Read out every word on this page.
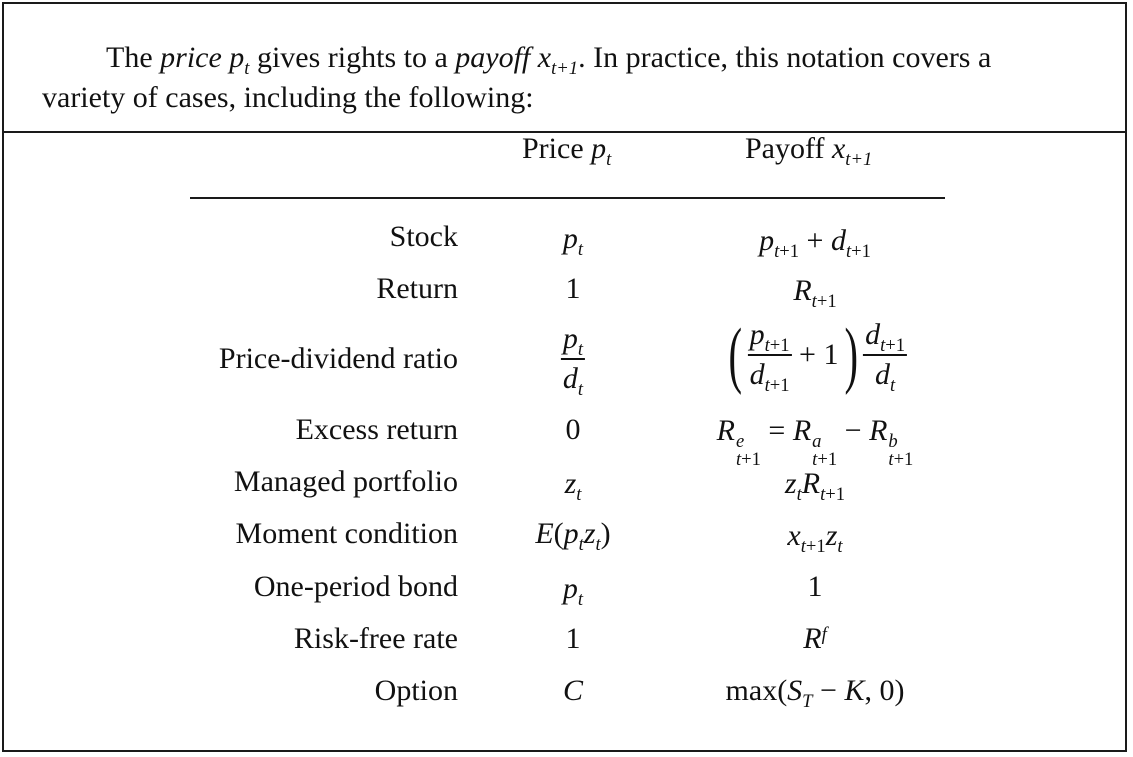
The price $p_t$ gives rights to a payoff $x_{t+1}$. In practice, this notation covers a
variety of cases, including the following:
Price $p_t$	Payoff $x_{t+1}$
Stock
Return
Price-dividend ratio
Excess return
Managed portfolio
Moment condition
One-period bond
Risk-free rate
Option
$p_t$
1
$\frac{p_t}{d_t}$
0
$z_t$
$E(p_tz_t)$
$p_t$
1
C
$p_{t+1} + d_{t+1}$
$R_{t+1}$
( $\frac{p_{t+1}}{d_{t+1}} + 1) \frac{d_{t+1}}{d_t}$
R e
t+1
= R a
t+1
− R b
t+1
$z_tR_{t+1}$
$x_{t+1}z_t$
1
$R^f$
$\max(S_T - K$, 0)
